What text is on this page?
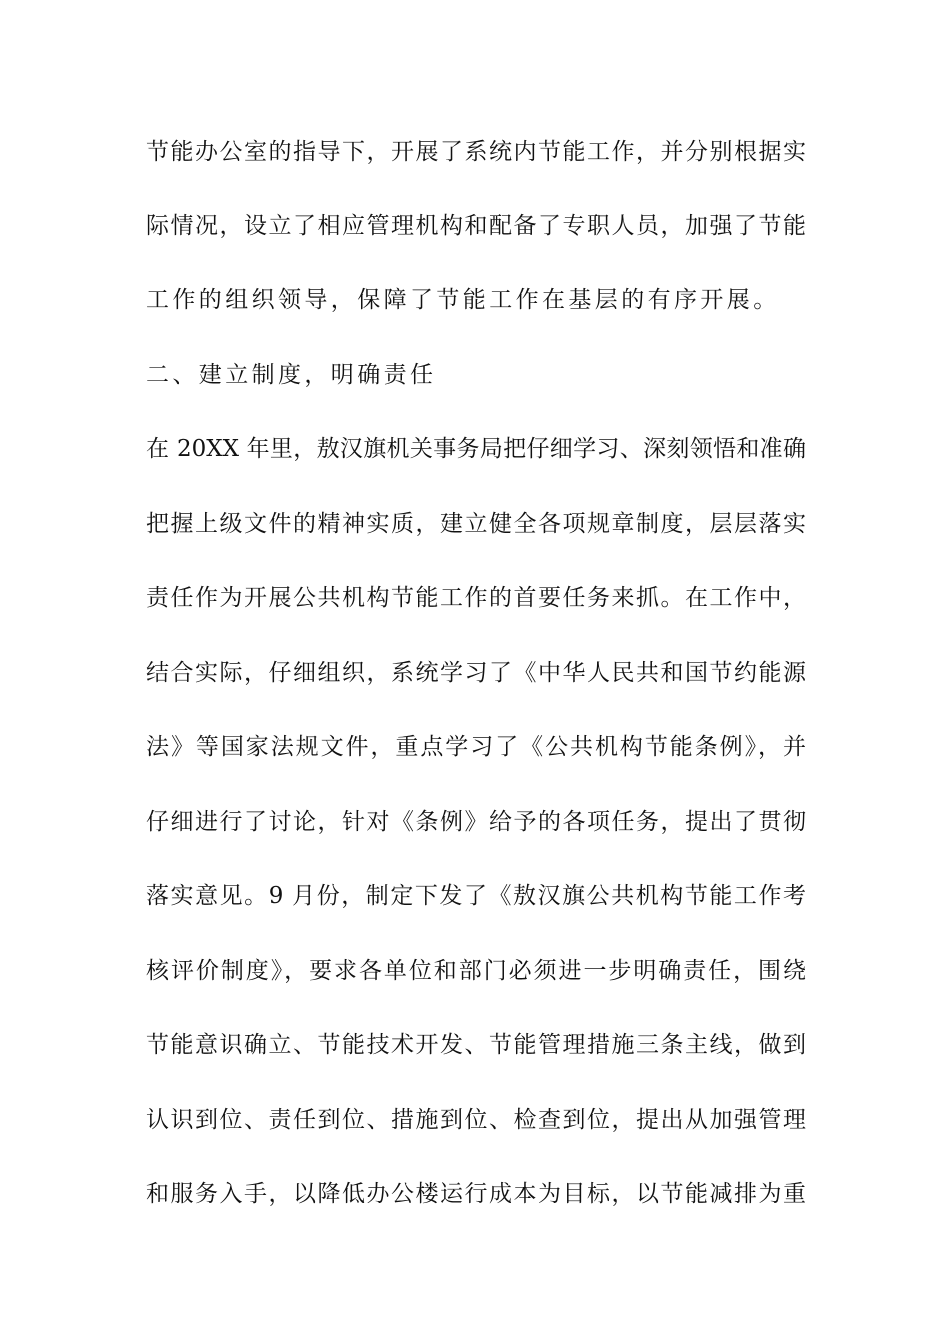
节能办公室的指导下，开展了系统内节能工作，并分别根据实
际情况，设立了相应管理机构和配备了专职人员，加强了节能
工作的组织领导，保障了节能工作在基层的有序开展。
二、建立制度，明确责任
在 20XX 年里，敖汉旗机关事务局把仔细学习、深刻领悟和准确
把握上级文件的精神实质，建立健全各项规章制度，层层落实
责任作为开展公共机构节能工作的首要任务来抓。在工作中，
结合实际，仔细组织，系统学习了《中华人民共和国节约能源
法》等国家法规文件，重点学习了《公共机构节能条例》，并
仔细进行了讨论，针对《条例》给予的各项任务，提出了贯彻
落实意见。9 月份，制定下发了《敖汉旗公共机构节能工作考
核评价制度》，要求各单位和部门必须进一步明确责任，围绕
节能意识确立、节能技术开发、节能管理措施三条主线，做到
认识到位、责任到位、措施到位、检查到位，提出从加强管理
和服务入手，以降低办公楼运行成本为目标，以节能减排为重
